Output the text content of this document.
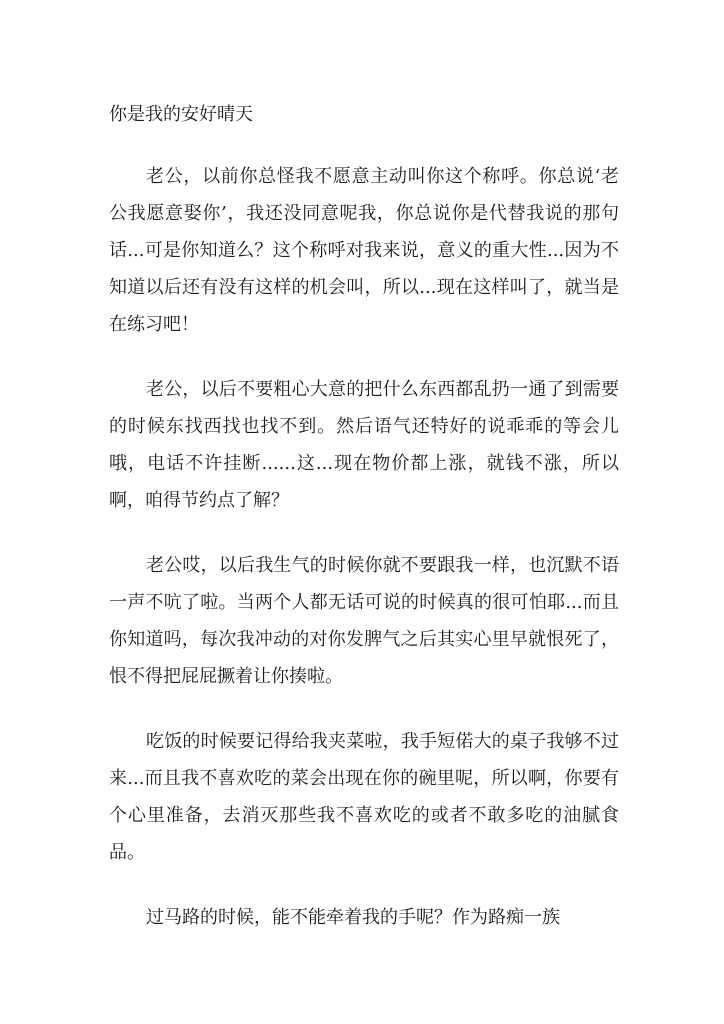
你是我的安好晴天

老公，以前你总怪我不愿意主动叫你这个称呼。你总说‘老公我愿意娶你’，我还没同意呢我，你总说你是代替我说的那句话...可是你知道么？这个称呼对我来说，意义的重大性...因为不知道以后还有没有这样的机会叫，所以...现在这样叫了，就当是在练习吧！

老公，以后不要粗心大意的把什么东西都乱扔一通了到需要的时候东找西找也找不到。然后语气还特好的说乖乖的等会儿哦，电话不许挂断......这...现在物价都上涨，就钱不涨，所以啊，咱得节约点了解？

老公哎，以后我生气的时候你就不要跟我一样，也沉默不语一声不吭了啦。当两个人都无话可说的时候真的很可怕耶...而且你知道吗，每次我冲动的对你发脾气之后其实心里早就恨死了，恨不得把屁屁撅着让你揍啦。

吃饭的时候要记得给我夹菜啦，我手短偌大的桌子我够不过来...而且我不喜欢吃的菜会出现在你的碗里呢，所以啊，你要有个心里准备，去消灭那些我不喜欢吃的或者不敢多吃的油腻食品。

过马路的时候，能不能牵着我的手呢？作为路痴一族
